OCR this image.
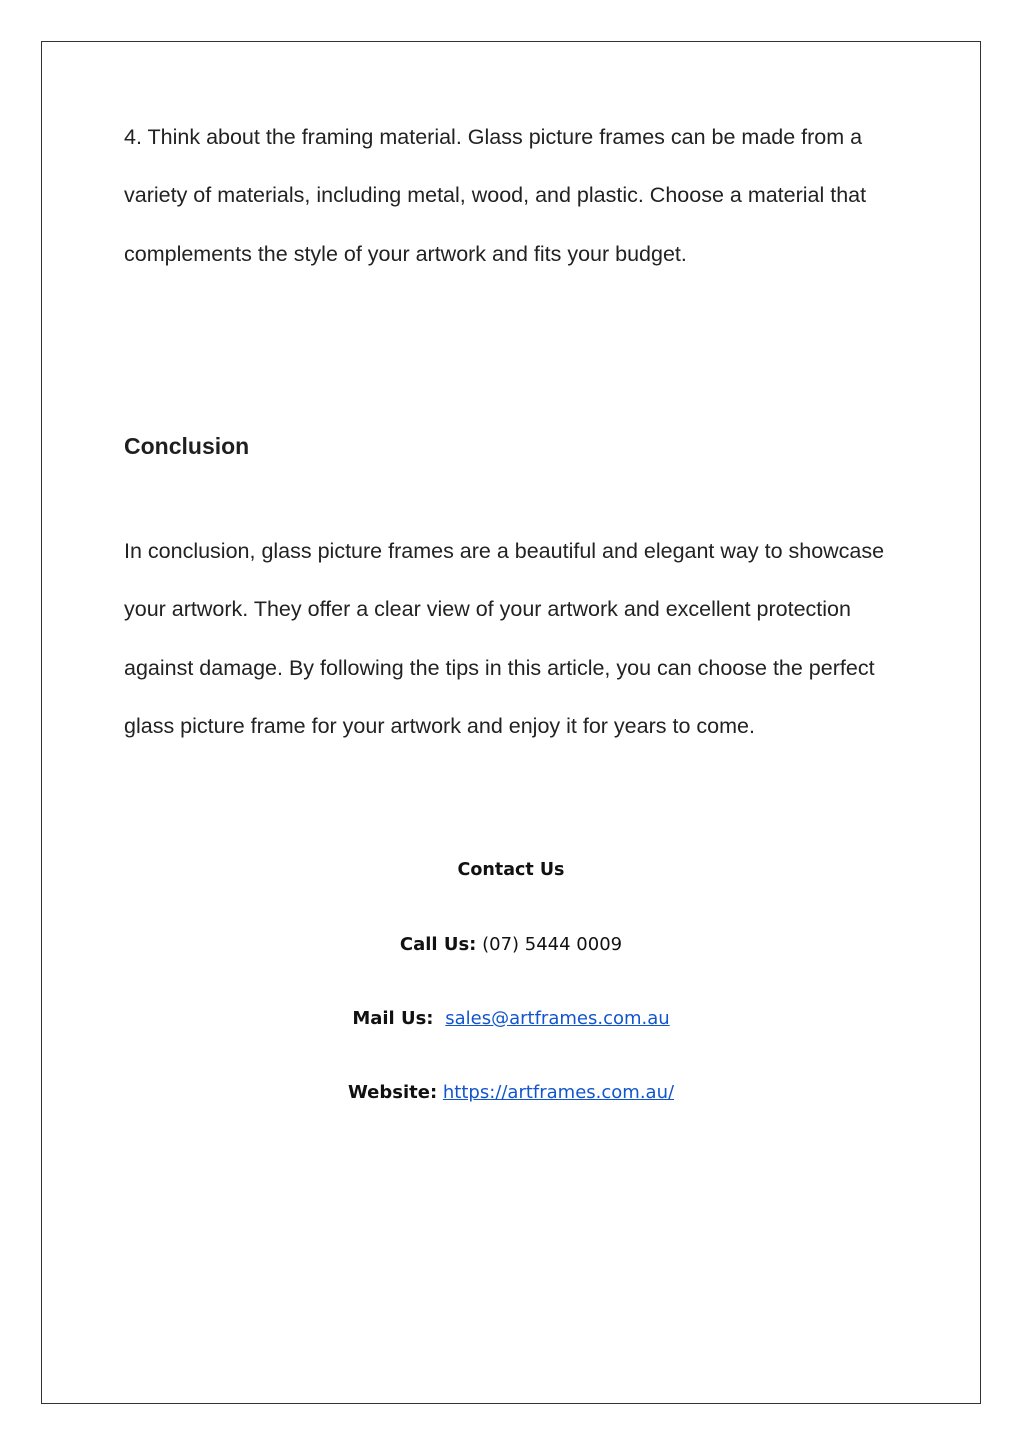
4. Think about the framing material. Glass picture frames can be made from a variety of materials, including metal, wood, and plastic. Choose a material that complements the style of your artwork and fits your budget.

Conclusion

In conclusion, glass picture frames are a beautiful and elegant way to showcase your artwork. They offer a clear view of your artwork and excellent protection against damage. By following the tips in this article, you can choose the perfect glass picture frame for your artwork and enjoy it for years to come.

Contact Us
Call Us: (07) 5444 0009
Mail Us: sales@artframes.com.au
Website: https://artframes.com.au/
